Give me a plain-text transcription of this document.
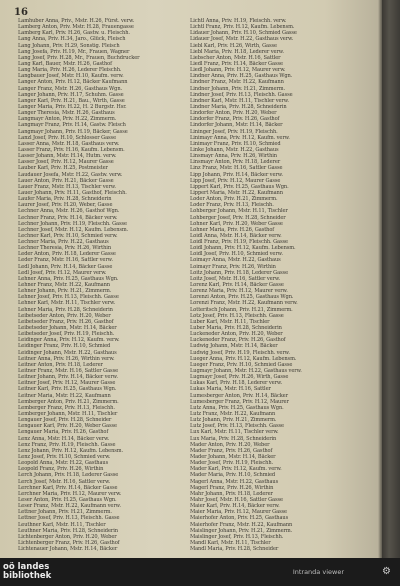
16
Lamhuber Anna, Priv., Mstr. H.26, Fürst. verw.
Lamberg Anton, Priv. Mstr. H.28, Frauengasse
Lamberg Karl, Priv. H.26, Gastw. u. Fleischh.
Lang Anna, Priv. H.34, Jaro., Glück, Fleisch
Lang Johann, Priv. H.29, Sonstig. Fleisch
Lang Josefa, Priv. H.19, Mr., Frauen, Wagner
Lang Josef, Priv. H.28, Mr., Frauen, Buchdrucker
Lang Karl, Bauer, Mstr. H.26, Gasthof
Lang Maria, Priv. H.26, Lederer Fleischh.
Langbauer Josef, Mstr. H.10, Kaufm. verw.
Langer Anton, Priv. H.12, Bäcker Kaufmann
Langer Franz, Mstr. H.26, Gasthaus Wgn.
Langer Johann, Priv. H.17, Schuhm. Gasse
Langer Karl, Priv. H.21, Bau., Wirth, Gasse
Langer Maria, Priv. H.22, H. 2 Burgstr. Hsr.
Langer Theresia, Mstr. H.26, Gasthaus
Langmayr Anton, Priv. H.22, Zimmerm.
Langmayr Franz, Priv. H.14, Gastw. Fleisch
Langmayr Johann, Priv. H.19, Bäcker, Gasse
Lanzl Josef, Priv. H.10, Schlosser Gasse
Lasser Anna, Mstr. H.18, Gasthaus verw.
Lasser Franz, Priv. H.16, Kaufm. Lebensm.
Lasser Johann, Mstr. H.14, Hutm. verw.
Lasser Josef, Priv. H.12, Maurer Gasse
Lauber Karl, Priv. H.25, Postmeister
Laudauer Josefa, Mstr. H.22, Gastw. verw.
Lauer Anton, Priv. H.21, Bäcker Gasse
Lauer Franz, Mstr. H.13, Tischler verw.
Lauer Johann, Priv. H.11, Gasthof, Fleischh.
Laufer Maria, Priv. H.28, Schneiderin
Laurer Josef, Priv. H.20, Weber, Gasse
Lechner Anna, Mstr. H.26, Gasthof Wgn.
Lechner Franz, Priv. H.14, Bäcker verw.
Lechner Johann, Priv. H.19, Fleischh. Gasse
Lechner Josef, Mstr. H.12, Kaufm. Lebensm.
Lechner Karl, Priv. H.10, Schmied verw.
Lechner Maria, Priv. H.22, Gasthaus
Lechner Theresia, Priv. H.26, Wirthin
Leder Anton, Priv. H.18, Lederer Gasse
Leder Franz, Mstr. H.16, Sattler verw.
Ledl Johann, Priv. H.14, Bäcker Gasse
Ledl Josef, Priv. H.12, Maurer verw.
Lehner Anna, Priv. H.25, Gasthaus Wgn.
Lehner Franz, Mstr. H.22, Kaufmann
Lehner Johann, Priv. H.21, Zimmerm.
Lehner Josef, Priv. H.13, Fleischh. Gasse
Lehner Karl, Mstr. H.11, Tischler verw.
Lehner Maria, Priv. H.28, Schneiderin
Leibetseder Anton, Priv. H.20, Weber
Leibetseder Franz, Priv. H.26, Gasthof
Leibetseder Johann, Mstr. H.14, Bäcker
Leibetseder Josef, Priv. H.19, Fleischh.
Leidinger Anna, Priv. H.12, Kaufm. verw.
Leidinger Franz, Priv. H.10, Schmied
Leidinger Johann, Mstr. H.22, Gasthaus
Leitner Anna, Priv. H.26, Wirthin verw.
Leitner Anton, Priv. H.18, Lederer
Leitner Franz, Mstr. H.16, Sattler Gasse
Leitner Johann, Priv. H.14, Bäcker verw.
Leitner Josef, Priv. H.12, Maurer Gasse
Leitner Karl, Priv. H.25, Gasthaus Wgn.
Leitner Maria, Mstr. H.22, Kaufmann
Lemberger Anton, Priv. H.21, Zimmerm.
Lemberger Franz, Priv. H.13, Fleischh.
Lemberger Johann, Mstr. H.11, Tischler
Lengauer Josef, Priv. H.28, Schneider
Lengauer Karl, Priv. H.20, Weber Gasse
Lengauer Maria, Priv. H.26, Gasthof
Lenz Anna, Mstr. H.14, Bäcker verw.
Lenz Franz, Priv. H.19, Fleischh. Gasse
Lenz Johann, Priv. H.12, Kaufm. Lebensm.
Lenz Josef, Priv. H.10, Schmied verw.
Leopold Anna, Mstr. H.22, Gasthaus
Leopold Franz, Priv. H.26, Wirthin
Lerch Johann, Priv. H.18, Lederer Gasse
Lerch Josef, Mstr. H.16, Sattler verw.
Lerchner Karl, Priv. H.14, Bäcker Gasse
Lerchner Maria, Priv. H.12, Maurer verw.
Leser Anton, Priv. H.25, Gasthaus Wgn.
Leser Franz, Mstr. H.22, Kaufmann verw.
Lettner Johann, Priv. H.21, Zimmerm.
Lettner Josef, Priv. H.13, Fleischh. Gasse
Leuthner Karl, Mstr. H.11, Tischler
Leuthner Maria, Priv. H.28, Schneiderin
Lichtenberger Anton, Priv. H.20, Weber
Lichtenberger Franz, Priv. H.26, Gasthof
Lichtenauer Johann, Mstr. H.14, Bäcker
Lichtl Anna, Priv. H.19, Fleischh. verw.
Lichtl Franz, Priv. H.12, Kaufm. Lebensm.
Lidauer Johann, Priv. H.10, Schmied Gasse
Lidauer Josef, Mstr. H.22, Gasthaus verw.
Liebl Karl, Priv. H.26, Wirth, Gasse
Liebl Maria, Priv. H.18, Lederer verw.
Liebscher Anton, Mstr. H.16, Sattler
Liedl Franz, Priv. H.14, Bäcker Gasse
Liedl Johann, Priv. H.12, Maurer verw.
Lindner Anna, Priv. H.25, Gasthaus Wgn.
Lindner Franz, Mstr. H.22, Kaufmann
Lindner Johann, Priv. H.21, Zimmerm.
Lindner Josef, Priv. H.13, Fleischh. Gasse
Lindner Karl, Mstr. H.11, Tischler verw.
Lindner Maria, Priv. H.28, Schneiderin
Lindorfer Anton, Priv. H.20, Weber
Lindorfer Franz, Priv. H.26, Gasthof
Lindorfer Johann, Mstr. H.14, Bäcker
Lininger Josef, Priv. H.19, Fleischh.
Linimayr Anna, Priv. H.12, Kaufm. verw.
Linimayr Franz, Priv. H.10, Schmied
Linke Johann, Mstr. H.22, Gasthaus
Linsmayr Anna, Priv. H.26, Wirthin
Linsmayr Anton, Priv. H.18, Lederer
Linz Franz, Mstr. H.16, Sattler Gasse
Lipp Johann, Priv. H.14, Bäcker verw.
Lipp Josef, Priv. H.12, Maurer Gasse
Lippert Karl, Priv. H.25, Gasthaus Wgn.
Lippert Maria, Mstr. H.22, Kaufmann
Loder Anton, Priv. H.21, Zimmerm.
Loder Franz, Priv. H.13, Fleischh.
Lohberger Johann, Mstr. H.11, Tischler
Lohberger Josef, Priv. H.28, Schneider
Lohner Karl, Priv. H.20, Weber Gasse
Lohner Maria, Priv. H.26, Gasthof
Loidl Anna, Mstr. H.14, Bäcker verw.
Loidl Franz, Priv. H.19, Fleischh. Gasse
Loidl Johann, Priv. H.12, Kaufm. Lebensm.
Loidl Josef, Priv. H.10, Schmied verw.
Loimayr Anna, Mstr. H.22, Gasthaus
Loimayr Franz, Priv. H.26, Wirthin
Loitz Johann, Priv. H.18, Lederer Gasse
Loitz Josef, Mstr. H.16, Sattler verw.
Lorenz Karl, Priv. H.14, Bäcker Gasse
Lorenz Maria, Priv. H.12, Maurer verw.
Lorenzi Anton, Priv. H.25, Gasthaus Wgn.
Lorenzi Franz, Mstr. H.22, Kaufmann verw.
Lotteritsch Johann, Priv. H.21, Zimmerm.
Lotz Josef, Priv. H.13, Fleischh. Gasse
Luber Karl, Mstr. H.11, Tischler
Luber Maria, Priv. H.28, Schneiderin
Luckeneder Anton, Priv. H.20, Weber
Luckeneder Franz, Priv. H.26, Gasthof
Ludwig Johann, Mstr. H.14, Bäcker
Ludwig Josef, Priv. H.19, Fleischh. verw.
Lueger Anna, Priv. H.12, Kaufm. Lebensm.
Lueger Franz, Priv. H.10, Schmied Gasse
Lugmayr Johann, Mstr. H.22, Gasthaus verw.
Lugmayr Josef, Priv. H.26, Wirth, Gasse
Lukas Karl, Priv. H.18, Lederer verw.
Lukas Maria, Mstr. H.16, Sattler
Lumesberger Anton, Priv. H.14, Bäcker
Lumesberger Franz, Priv. H.12, Maurer
Lutz Anna, Priv. H.25, Gasthaus Wgn.
Lutz Franz, Mstr. H.22, Kaufmann
Lutz Johann, Priv. H.21, Zimmerm.
Lutz Josef, Priv. H.13, Fleischh. Gasse
Lux Karl, Mstr. H.11, Tischler verw.
Lux Maria, Priv. H.28, Schneiderin
Mader Anton, Priv. H.20, Weber
Mader Franz, Priv. H.26, Gasthof
Mader Johann, Mstr. H.14, Bäcker
Mader Josef, Priv. H.19, Fleischh.
Mader Karl, Priv. H.12, Kaufm. verw.
Mader Maria, Priv. H.10, Schmied
Magerl Anna, Mstr. H.22, Gasthaus
Magerl Franz, Priv. H.26, Wirthin
Mahr Johann, Priv. H.18, Lederer
Mahr Josef, Mstr. H.16, Sattler Gasse
Maier Karl, Priv. H.14, Bäcker verw.
Maier Maria, Priv. H.12, Maurer Gasse
Maierhofer Anton, Priv. H.25, Gasthaus
Maierhofer Franz, Mstr. H.22, Kaufmann
Maislinger Johann, Priv. H.21, Zimmerm.
Maislinger Josef, Priv. H.13, Fleischh.
Mandl Karl, Mstr. H.11, Tischler
Mandl Maria, Priv. H.28, Schneider
oö landes
bibliothek	Intranda viewer	⚙
